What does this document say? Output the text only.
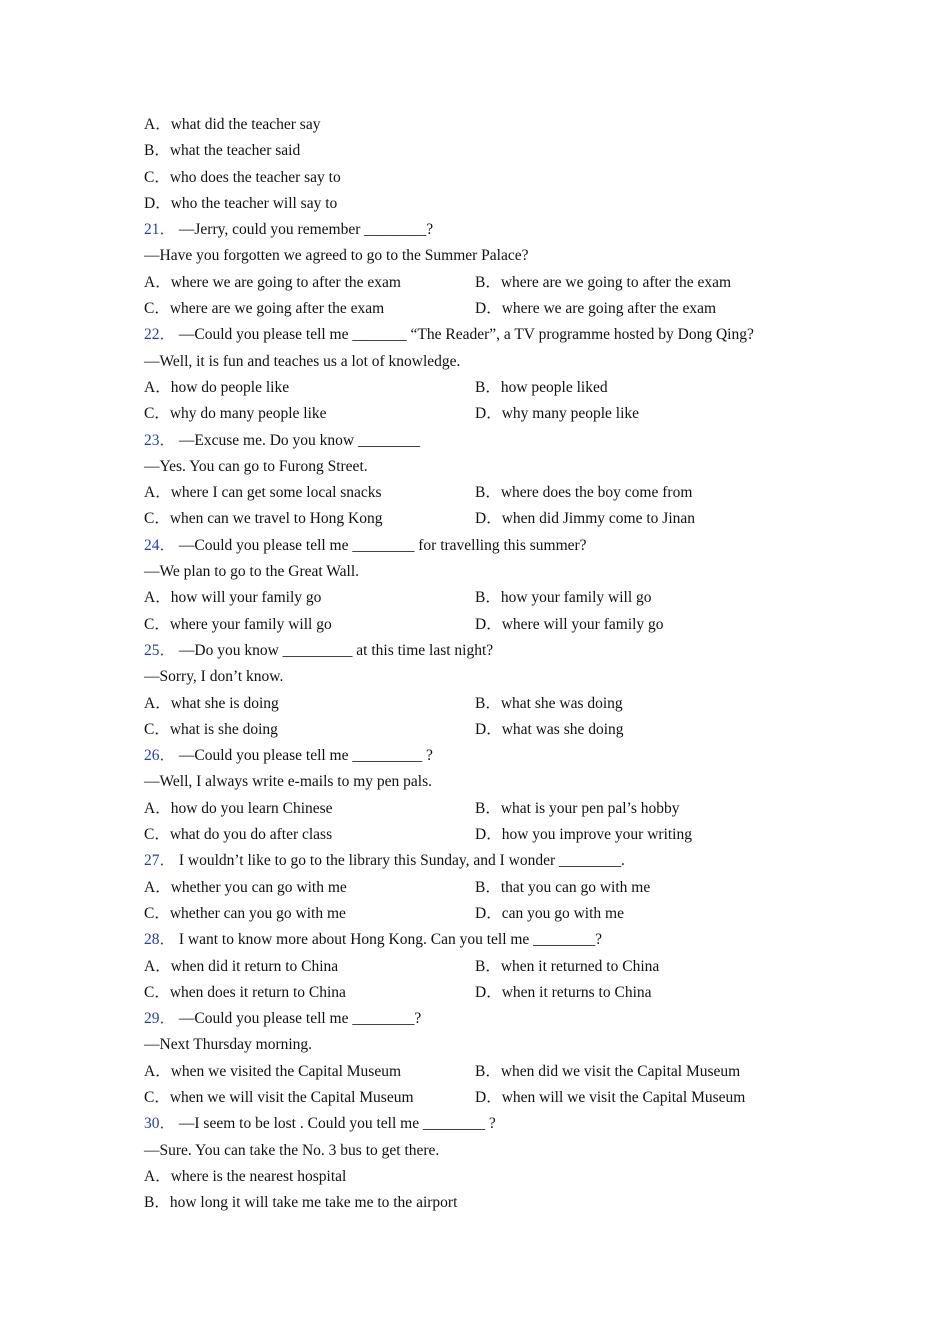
A．what did the teacher say
B．what the teacher said
C．who does the teacher say to
D．who the teacher will say to
21． —Jerry, could you remember ________?
—Have you forgotten we agreed to go to the Summer Palace?
A．where we are going to after the exam	B．where are we going to after the exam
C．where are we going after the exam	D．where we are going after the exam
22． —Could you please tell me _______ “The Reader”, a TV programme hosted by Dong Qing?
—Well, it is fun and teaches us a lot of knowledge.
A．how do people like	B．how people liked
C．why do many people like	D．why many people like
23． —Excuse me. Do you know ________
—Yes. You can go to Furong Street.
A．where I can get some local snacks	B．where does the boy come from
C．when can we travel to Hong Kong	D．when did Jimmy come to Jinan
24． —Could you please tell me ________ for travelling this summer?
—We plan to go to the Great Wall.
A．how will your family go	B．how your family will go
C．where your family will go	D．where will your family go
25． —Do you know _________ at this time last night?
—Sorry, I don’t know.
A．what she is doing	B．what she was doing
C．what is she doing	D．what was she doing
26． —Could you please tell me _________ ?
—Well, I always write e-mails to my pen pals.
A．how do you learn Chinese	B．what is your pen pal’s hobby
C．what do you do after class	D．how you improve your writing
27． I wouldn’t like to go to the library this Sunday, and I wonder ________.
A．whether you can go with me	B．that you can go with me
C．whether can you go with me	D．can you go with me
28． I want to know more about Hong Kong. Can you tell me ________?
A．when did it return to China	B．when it returned to China
C．when does it return to China	D．when it returns to China
29． —Could you please tell me ________?
—Next Thursday morning.
A．when we visited the Capital Museum	B．when did we visit the Capital Museum
C．when we will visit the Capital Museum	D．when will we visit the Capital Museum
30． —I seem to be lost . Could you tell me ________ ?
—Sure. You can take the No. 3 bus to get there.
A．where is the nearest hospital
B．how long it will take me take me to the airport
